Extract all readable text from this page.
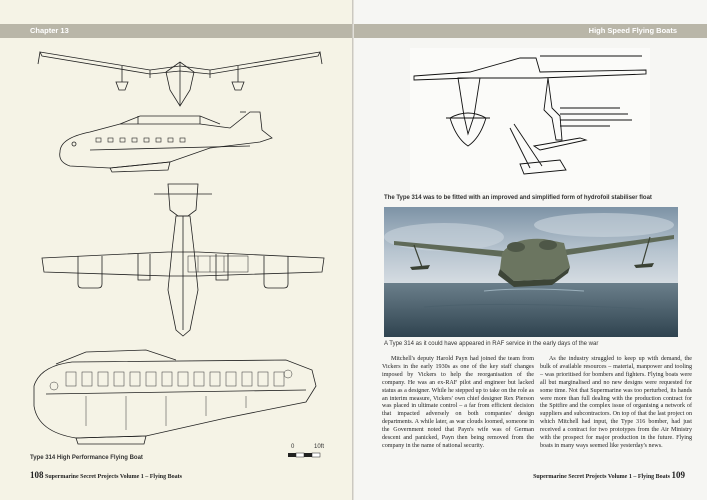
Chapter 13
0	10ft
Type 314 High Performance Flying Boat
108 Supermarine Secret Projects Volume 1 – Flying Boats
High Speed Flying Boats
The Type 314 was to be fitted with an improved and simplified form of hydrofoil stabiliser float
A Type 314 as it could have appeared in RAF service in the early days of the war

Mitchell's deputy Harold Payn had joined the team from Vickers in the early 1930s as one of the key staff changes imposed by Vickers to help the reorganisation of the company. He was an ex-RAF pilot and engineer but lacked status as a designer. While he stepped up to take on the role as an interim measure, Vickers' own chief designer Rex Pierson was placed in ultimate control – a far from efficient decision that impacted adversely on both companies' design departments. A while later, as war clouds loomed, someone in the Government noted that Payn's wife was of German descent and panicked, Payn then being removed from the company in the name of national security.

As the industry struggled to keep up with demand, the bulk of available resources – material, manpower and tooling – was prioritised for bombers and fighters. Flying boats were all but marginalised and no new designs were requested for some time. Not that Supermarine was too perturbed, its hands were more than full dealing with the production contract for the Spitfire and the complex issue of organising a network of suppliers and subcontractors. On top of that the last project on which Mitchell had input, the Type 316 bomber, had just received a contract for two prototypes from the Air Ministry with the prospect for major production in the future. Flying boats in many ways seemed like yesterday's news.

Supermarine Secret Projects Volume 1 – Flying Boats 109
